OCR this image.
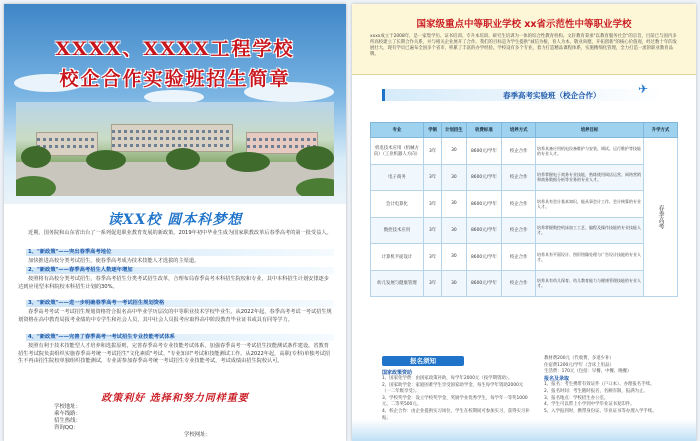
XXXX、XXXX工程学校
校企合作实验班招生简章
读XX校 圆本科梦想
近期，国务院和山东省出台了一系列促进职业教育发展的新政策。2019年初中毕业生成为国家职教改革后春季高考的第一批受益人。
1、"新政策"——突出春季高考地位
加快推进高校分类考试招生，使春季高考成为技术技能人才选拔的主渠道。
2、"新政策"——春季高考招生人数逐年增加
按照将有高校分类考试招生，春季高考招生分类考试招生改革，合理布局春季高考本科招生院校和专业，其中本科招生计划安排逐步达到应用型本科院校本科招生计划的30%。
3、"新政策"——进一步明确春季高考一考试招生规划资格
春季高考考试一考试招生规划资格符合报名高中毕业学历层次的中等职业技术学校毕业生。从2022年起，春季高考考试一考试招生规划资格在高中教育局报考业绩的中专学生和社会人员，其中社会人员报考应取得高中阶段教育毕业证书或具有同等学力。
4、"新政策"——完善了春季高考一考试招生专业技能考试体系
按照有利于技术技能型人才培养和选拔原则，完善春季高考专业技能考试体系，加强春季高考一考试招生技能测试条件建设。省教育招生考试院负责组织实施春季高考统一考试招生"文化素质"考试、"专业知识"考试和技能测试工作。从2022年起，高职(专科)单独考试招生不再由招生院校单独组织技能测试，专业需参加春季高考统一考试招生专业技能考试，考试成绩由招生院校认可。
政策利好 选择和努力同样重要
学校地址：
乘车线路：
招生热线：
咨询QQ：
学校网址：
国家级重点中等职业学校 xx省示范性中等职业学校
xxxx成立于2008年，是一家集学历、证书培训、专升本培训、研究生培训为一体的综合性教育机构。文轩教育秉承"以教育服务社会"的宗旨，目前已与国内多所高校建立了长期合作关系，并与相关企业展开了合作。我们的目标是为学生提供"诚信为根，育人为本，敬业尚德，开拓创新"的核心价值观，经过数十年的发展壮大，现有学员已遍布全国多个省市，积累了丰富的办学经验。学校设有多个专业，着力打造精品课程体系，实施精细化管理，全力打造一流的职业教育品牌。
春季高考实验班（校企合作）	✈
专业	学制	计划招生	收费标准	培养方式	培养目标	升学方式
机电技术应用（机械方向）（工业机器人方向）	3年	30	8600元/学年	校企合作	培养具备应用机电设备维护与安装、调试、运行维护等技能的专业人才。	春季高考
电子商务	3年	30	8600元/学年	校企合作	培养掌握电子商务专业技能，熟练使用网店运营、网络营销和商务数据分析等业务的专业人才。	
会计电算化	3年	30	8600元/学年	校企合作	培养具有会计基本知识，能从事会计工作、会计核算的专业人才。	
数控技术应用	3年	30	8600元/学年	校企合作	培养掌握数控机床加工工艺、编程及操作技能的专业技能人才。	
计算机平面设计	3年	30	8600元/学年	校企合作	培养具有平面设计、图形图像处理与广告设计技能的专业人才。	
幼儿发展与健康管理	3年	30	8600元/学年	校企合作	培养具有幼儿保育、幼儿教育能力与健康管理技能的专业人才。	
报名须知
国家政策资助
1、国家免学费：由国家政策补助，每学年2000元（按学期资助）。
2、国家助学金：家庭困难学生享受国家助学金，每生每学年资助2000元（一二年级享受）。
3、学校奖学金：设立学校奖学金，奖励学业优秀学生，每学年一等奖1000元、二等奖500元。
4、校企合作：由企业提供实习岗位，学生在校期间可参加实习，获得实习补贴。
教材费200元（代收费，多退少补）
住宿费1200元/学年（含床上用品）
生活费：170元（包括：早餐、中餐、晚餐）
报名及录取
1、报名：考生携带有效证件（户口本）、办理报名手续。
2、报名时间：考生随时报名，名额有限，报满为止。
3、报名地点：学校招生办公室。
4、学生可以带上小学到中学毕业证书复印件。
5、入学报到时，携带身份证、毕业证书等办理入学手续。
